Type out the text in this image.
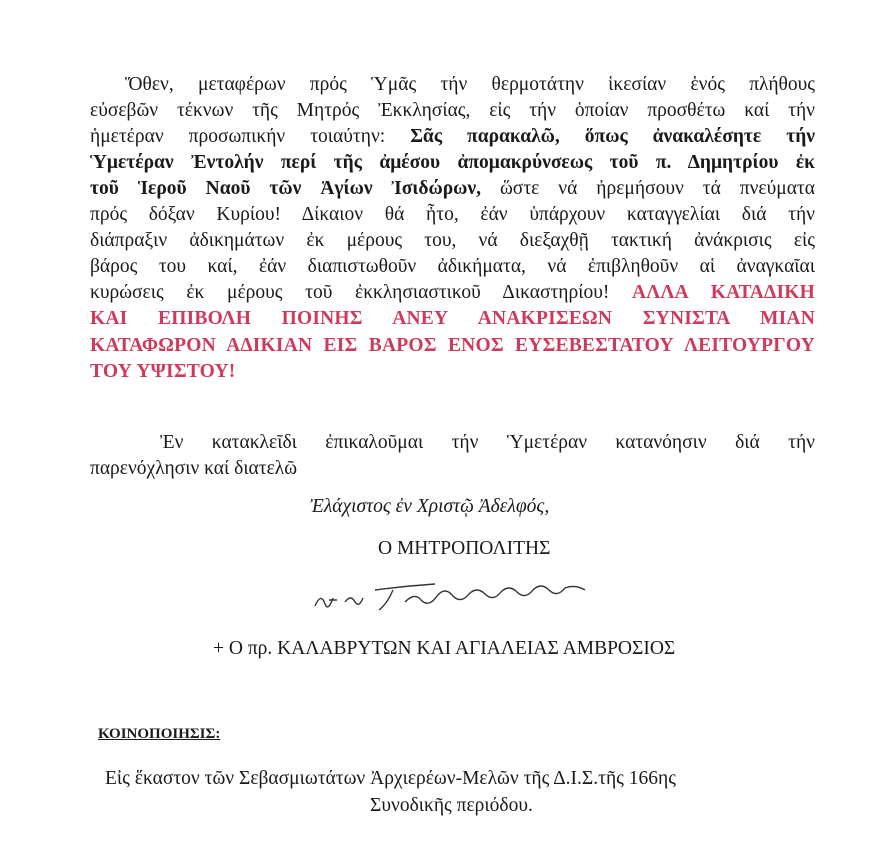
Ὅθεν, μεταφέρων πρός Ὑμᾶς τήν θερμοτάτην ἱκεσίαν ἑνός πλήθους
εὐσεβῶν τέκνων τῆς Μητρός Ἐκκλησίας, εἰς τήν ὁποίαν προσθέτω καί τήν
ἡμετέραν προσωπικήν τοιαύτην: Σᾶς παρακαλῶ, ὅπως ἀνακαλέσητε τήν
Ὑμετέραν Ἐντολήν περί τῆς ἀμέσου ἀπομακρύνσεως τοῦ π. Δημητρίου ἐκ
τοῦ Ἱεροῦ Ναοῦ τῶν Ἁγίων Ἰσιδώρων, ὥστε νά ἠρεμήσουν τά πνεύματα
πρός δόξαν Κυρίου! Δίκαιον θά ἦτο, ἐάν ὑπάρχουν καταγγελίαι διά τήν
διάπραξιν ἀδικημάτων ἐκ μέρους του, νά διεξαχθῇ τακτική ἀνάκρισις εἰς
βάρος του καί, ἐάν διαπιστωθοῦν ἀδικήματα, νά ἐπιβληθοῦν αἱ ἀναγκαῖαι
κυρώσεις ἐκ μέρους τοῦ ἐκκλησιαστικοῦ Δικαστηρίου! ΑΛΛΑ ΚΑΤΑΔΙΚΗ
ΚΑΙ ΕΠΙΒΟΛΗ ΠΟΙΝΗΣ ΑΝΕΥ ΑΝΑΚΡΙΣΕΩΝ ΣΥΝΙΣΤΑ ΜΙΑΝ
ΚΑΤΑΦΩΡΟΝ ΑΔΙΚΙΑΝ ΕΙΣ ΒΑΡΟΣ ΕΝΟΣ ΕΥΣΕΒΕΣΤΑΤΟΥ ΛΕΙΤΟΥΡΓΟΥ
ΤΟΥ ΥΨΙΣΤΟΥ!
Ἐν κατακλεῖδι ἐπικαλοῦμαι τήν Ὑμετέραν κατανόησιν διά τήν
παρενόχλησιν καί διατελῶ
Ἐλάχιστος ἐν Χριστῷ Ἀδελφός,
Ο ΜΗΤΡΟΠΟΛΙΤΗΣ
+ Ο πρ. ΚΑΛΑΒΡΥΤΩΝ ΚΑΙ ΑΓΙΑΛΕΙΑΣ ΑΜΒΡΟΣΙΟΣ
ΚΟΙΝΟΠΟΙΗΣΙΣ:
Εἰς ἕκαστον τῶν Σεβασμιωτάτων Ἀρχιερέων-Μελῶν τῆς Δ.Ι.Σ.τῆς 166ης
Συνοδικῆς περιόδου.
